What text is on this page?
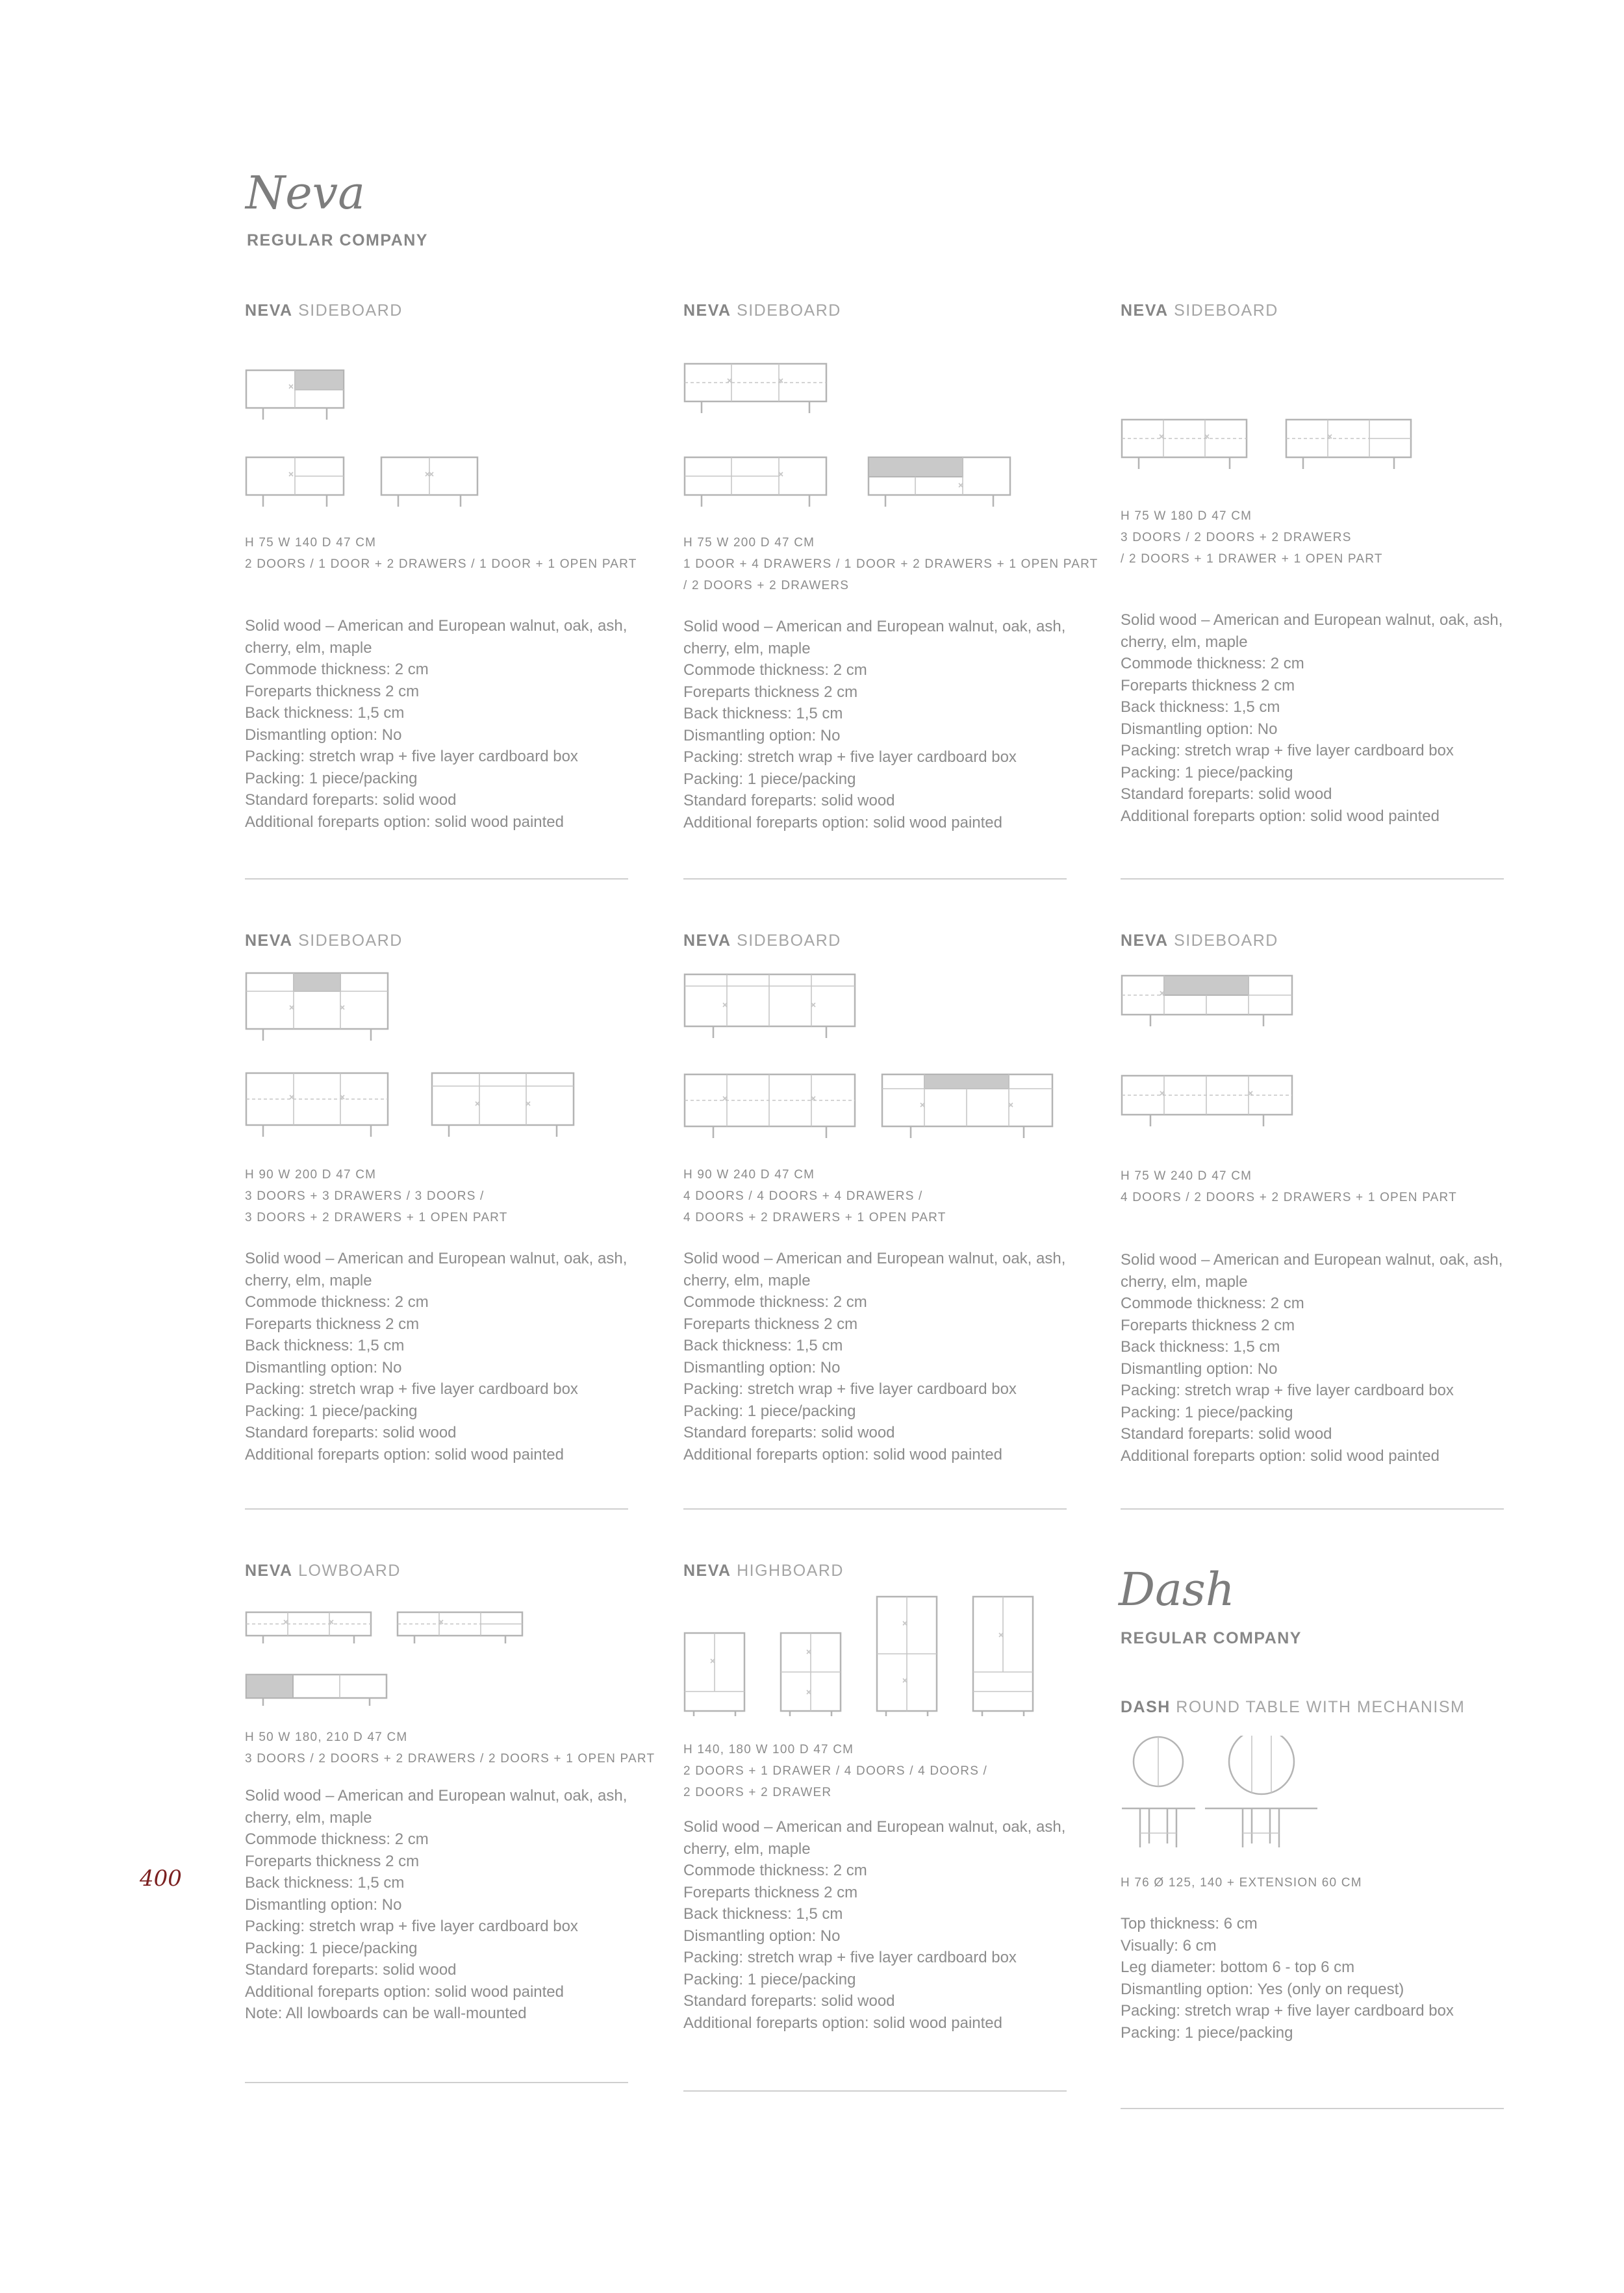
Neva
REGULAR COMPANY
NEVA SIDEBOARD
H 75 W 140 D 47 CM
2 DOORS / 1 DOOR + 2 DRAWERS / 1 DOOR + 1 OPEN PART
Solid wood – American and European walnut, oak, ash,
cherry, elm, maple
Commode thickness: 2 cm
Foreparts thickness 2 cm
Back thickness: 1,5 cm
Dismantling option: No
Packing: stretch wrap + five layer cardboard box
Packing: 1 piece/packing
Standard foreparts: solid wood
Additional foreparts option: solid wood painted
NEVA SIDEBOARD
H 75 W 200 D 47 CM
1 DOOR + 4 DRAWERS / 1 DOOR + 2 DRAWERS + 1 OPEN PART
/ 2 DOORS + 2 DRAWERS
Solid wood – American and European walnut, oak, ash,
cherry, elm, maple
Commode thickness: 2 cm
Foreparts thickness 2 cm
Back thickness: 1,5 cm
Dismantling option: No
Packing: stretch wrap + five layer cardboard box
Packing: 1 piece/packing
Standard foreparts: solid wood
Additional foreparts option: solid wood painted
NEVA SIDEBOARD
H 75 W 180 D 47 CM
3 DOORS / 2 DOORS + 2 DRAWERS
/ 2 DOORS + 1 DRAWER + 1 OPEN PART
Solid wood – American and European walnut, oak, ash,
cherry, elm, maple
Commode thickness: 2 cm
Foreparts thickness 2 cm
Back thickness: 1,5 cm
Dismantling option: No
Packing: stretch wrap + five layer cardboard box
Packing: 1 piece/packing
Standard foreparts: solid wood
Additional foreparts option: solid wood painted
NEVA SIDEBOARD
H 90 W 200 D 47 CM
3 DOORS + 3 DRAWERS / 3 DOORS /
3 DOORS + 2 DRAWERS + 1 OPEN PART
Solid wood – American and European walnut, oak, ash,
cherry, elm, maple
Commode thickness: 2 cm
Foreparts thickness 2 cm
Back thickness: 1,5 cm
Dismantling option: No
Packing: stretch wrap + five layer cardboard box
Packing: 1 piece/packing
Standard foreparts: solid wood
Additional foreparts option: solid wood painted
NEVA SIDEBOARD
H 90 W 240 D 47 CM
4 DOORS / 4 DOORS + 4 DRAWERS /
4 DOORS + 2 DRAWERS + 1 OPEN PART
Solid wood – American and European walnut, oak, ash,
cherry, elm, maple
Commode thickness: 2 cm
Foreparts thickness 2 cm
Back thickness: 1,5 cm
Dismantling option: No
Packing: stretch wrap + five layer cardboard box
Packing: 1 piece/packing
Standard foreparts: solid wood
Additional foreparts option: solid wood painted
NEVA SIDEBOARD
H 75 W 240 D 47 CM
4 DOORS / 2 DOORS + 2 DRAWERS + 1 OPEN PART
Solid wood – American and European walnut, oak, ash,
cherry, elm, maple
Commode thickness: 2 cm
Foreparts thickness 2 cm
Back thickness: 1,5 cm
Dismantling option: No
Packing: stretch wrap + five layer cardboard box
Packing: 1 piece/packing
Standard foreparts: solid wood
Additional foreparts option: solid wood painted
NEVA LOWBOARD
H 50 W 180, 210 D 47 CM
3 DOORS / 2 DOORS + 2 DRAWERS / 2 DOORS + 1 OPEN PART
Solid wood – American and European walnut, oak, ash,
cherry, elm, maple
Commode thickness: 2 cm
Foreparts thickness 2 cm
Back thickness: 1,5 cm
Dismantling option: No
Packing: stretch wrap + five layer cardboard box
Packing: 1 piece/packing
Standard foreparts: solid wood
Additional foreparts option: solid wood painted
Note: All lowboards can be wall-mounted
NEVA HIGHBOARD
H 140, 180 W 100 D 47 CM
2 DOORS + 1 DRAWER / 4 DOORS / 4 DOORS /
2 DOORS + 2 DRAWER
Solid wood – American and European walnut, oak, ash,
cherry, elm, maple
Commode thickness: 2 cm
Foreparts thickness 2 cm
Back thickness: 1,5 cm
Dismantling option: No
Packing: stretch wrap + five layer cardboard box
Packing: 1 piece/packing
Standard foreparts: solid wood
Additional foreparts option: solid wood painted
Dash
REGULAR COMPANY
DASH ROUND TABLE WITH MECHANISM
H 76 Ø 125, 140 + EXTENSION 60 CM
Top thickness: 6 cm
Visually: 6 cm
Leg diameter: bottom 6 - top 6 cm
Dismantling option: Yes (only on request)
Packing: stretch wrap + five layer cardboard box
Packing: 1 piece/packing
400
